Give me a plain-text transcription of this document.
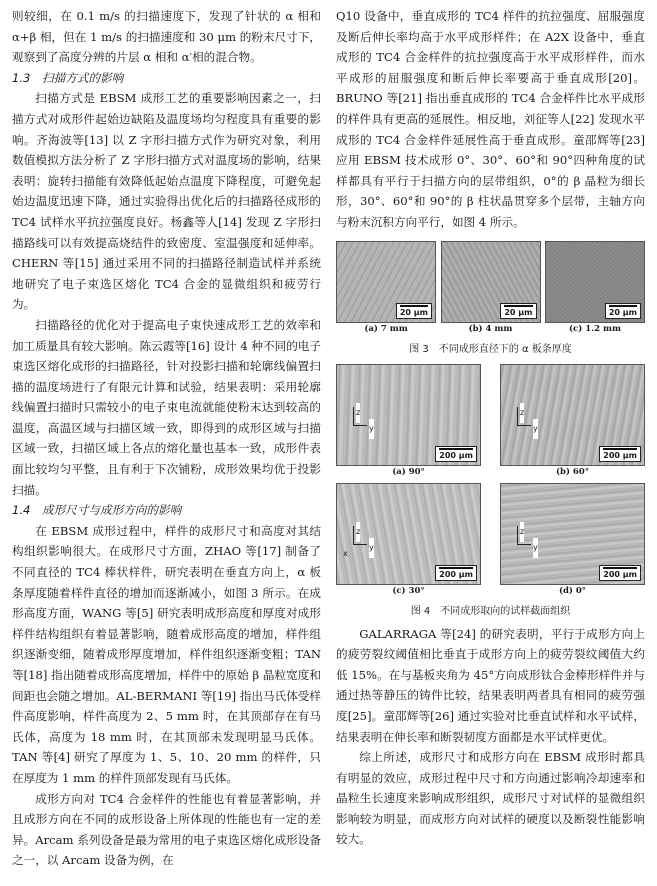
则较细，在 0.1 m/s 的扫描速度下，发现了针状的 α 相和 α+β 相，但在 1 m/s 的扫描速度和 30 μm 的粉末尺寸下，观察到了高度分辨的片层 α 相和 α′相的混合物。

1.3　扫描方式的影响

扫描方式是 EBSM 成形工艺的重要影响因素之一，扫描方式对成形件起始边缺陷及温度场均匀程度具有重要的影响。齐海波等[13] 以 Z 字形扫描方式作为研究对象，利用数值模拟方法分析了 Z 字形扫描方式对温度场的影响，结果表明：旋转扫描能有效降低起始点温度下降程度，可避免起始边温度迅速下降，通过实验得出优化后的扫描路径成形的 TC4 试样水平抗拉强度良好。杨鑫等人[14] 发现 Z 字形扫描路线可以有效提高烧结件的致密度、室温强度和延伸率。CHERN 等[15] 通过采用不同的扫描路径制造试样并系统地研究了电子束选区熔化 TC4 合金的显微组织和疲劳行为。

扫描路径的优化对于提高电子束快速成形工艺的效率和加工质量具有较大影响。陈云霞等[16] 设计 4 种不同的电子束选区熔化成形的扫描路径，针对投影扫描和轮廓线偏置扫描的温度场进行了有限元计算和试验，结果表明：采用轮廓线偏置扫描时只需较小的电子束电流就能使粉末达到较高的温度，高温区域与扫描区域一致，即得到的成形区域与扫描区域一致，扫描区域上各点的熔化量也基本一致，成形件表面比较均匀平整，且有利于下次铺粉，成形效果均优于投影扫描。

1.4　成形尺寸与成形方向的影响

在 EBSM 成形过程中，样件的成形尺寸和高度对其结构组织影响很大。在成形尺寸方面，ZHAO 等[17] 制备了不同直径的 TC4 棒状样件，研究表明在垂直方向上，α 板条厚度随着样件直径的增加而逐渐减小，如图 3 所示。在成形高度方面，WANG 等[5] 研究表明成形高度和厚度对成形样件结构组织有着显著影响，随着成形高度的增加，样件组织逐渐变细，随着成形厚度增加，样件组织逐渐变粗；TAN 等[18] 指出随着成形高度增加，样件中的原始 β 晶粒宽度和间距也会随之增加。AL-BERMANI 等[19] 指出马氏体受样件高度影响，样件高度为 2、5 mm 时，在其顶部存在有马氏体，高度为 18 mm 时，在其顶部未发现明显马氏体。TAN 等[4] 研究了厚度为 1、5、10、20 mm 的样件，只在厚度为 1 mm 的样件顶部发现有马氏体。

成形方向对 TC4 合金样件的性能也有着显著影响，并且成形方向在不同的成形设备上所体现的性能也有一定的差异。Arcam 系列设备是最为常用的电子束选区熔化成形设备之一，以 Arcam 设备为例，在

Q10 设备中，垂直成形的 TC4 样件的抗拉强度、屈服强度及断后伸长率均高于水平成形样件；在 A2X 设备中，垂直成形的 TC4 合金样件的抗拉强度高于水平成形样件，而水平成形的屈服强度和断后伸长率要高于垂直成形[20]。BRUNO 等[21] 指出垂直成形的 TC4 合金样件比水平成形的样件具有更高的延展性。相反地，刘征等人[22] 发现水平成形的 TC4 合金样件延展性高于垂直成形。童邵辉等[23] 应用 EBSM 技术成形 0°、30°、60°和 90°四种角度的试样都具有平行于扫描方向的层带组织，0°的 β 晶粒为细长形，30°、60°和 90°的 β 柱状晶贯穿多个层带，主轴方向与粉末沉积方向平行，如图 4 所示。

20 μm
(a) 7 mm
20 μm
(b) 4 mm
20 μm
(c) 1.2 mm
图 3　不同成形直径下的 α 板条厚度
z
y
200 μm
(a) 90°
z
y
200 μm
(b) 60°
z
y
x
200 μm
(c) 30°
z
y
200 μm
(d) 0°
图 4　不同成形取向的试样截面组织

GALARRAGA 等[24] 的研究表明，平行于成形方向上的疲劳裂纹阈值相比垂直于成形方向上的疲劳裂纹阈值大约低 15%。在与基板夹角为 45°方向成形钛合金棒形样件并与通过热等静压的铸件比较，结果表明两者具有相同的疲劳强度[25]。童邵辉等[26] 通过实验对比垂直试样和水平试样，结果表明在伸长率和断裂韧度方面都是水平试样更优。

综上所述，成形尺寸和成形方向在 EBSM 成形时都具有明显的效应，成形过程中尺寸和方向通过影响冷却速率和晶粒生长速度来影响成形组织，成形尺寸对试样的显微组织影响较为明显，而成形方向对试样的硬度以及断裂性能影响较大。
